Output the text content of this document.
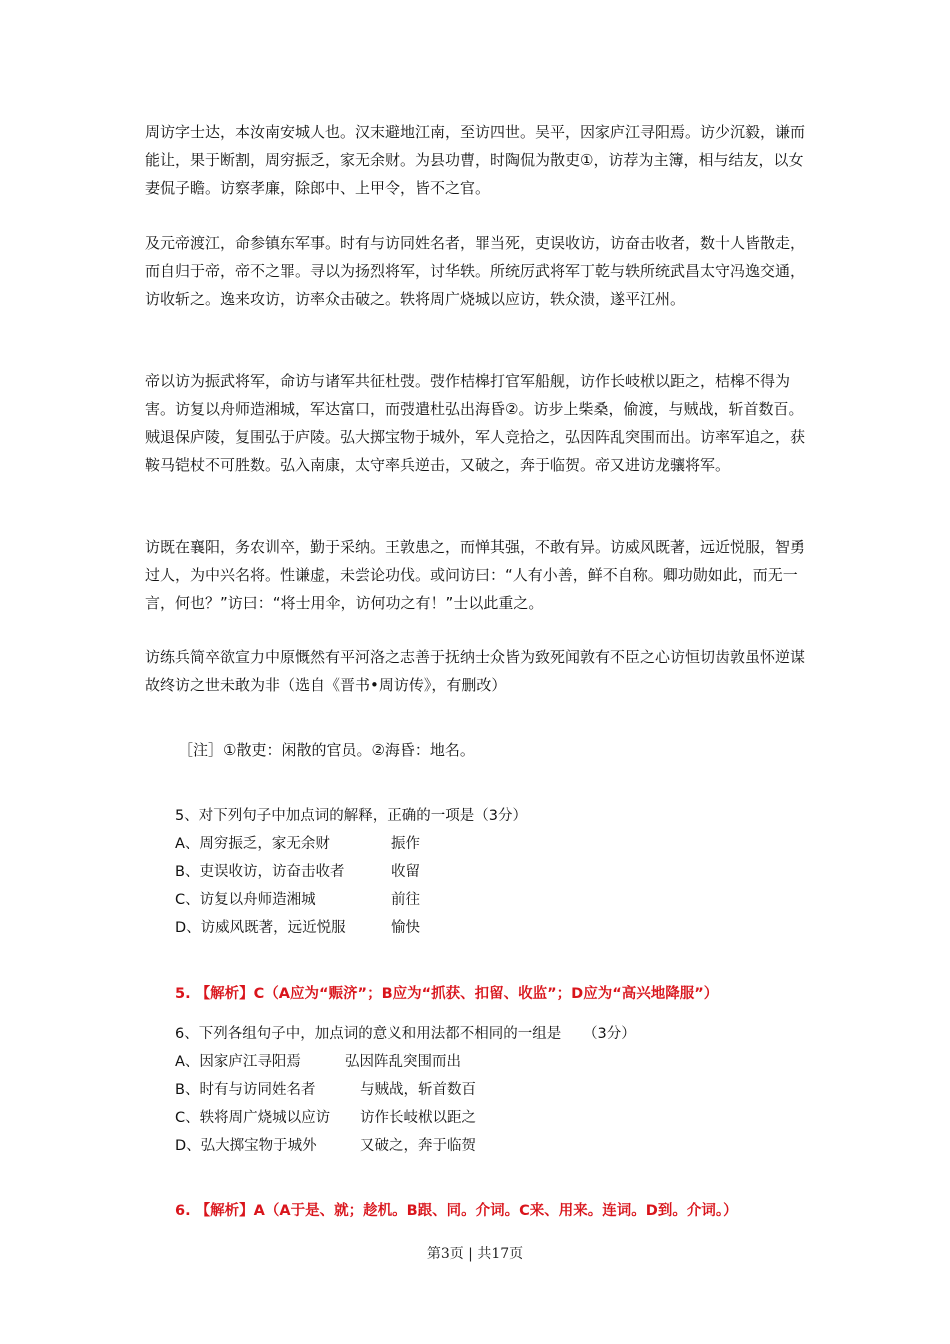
周访字士达，本汝南安城人也。汉末避地江南，至访四世。吴平，因家庐江寻阳焉。访少沉毅，谦而能让，果于断割，周穷振乏，家无余财。为县功曹，时陶侃为散吏①，访荐为主簿，相与结友，以女妻侃子瞻。访察孝廉，除郎中、上甲令，皆不之官。

及元帝渡江，命参镇东军事。时有与访同姓名者，罪当死，吏误收访，访奋击收者，数十人皆散走，而自归于帝，帝不之罪。寻以为扬烈将军，讨华轶。所统厉武将军丁乾与轶所统武昌太守冯逸交通，访收斩之。逸来攻访，访率众击破之。轶将周广烧城以应访，轶众溃，遂平江州。

帝以访为振武将军，命访与诸军共征杜弢。弢作桔槔打官军船舰，访作长岐栿以距之，桔槔不得为害。访复以舟师造湘城，军达富口，而弢遣杜弘出海昏②。访步上柴桑，偷渡，与贼战，斩首数百。贼退保庐陵，复围弘于庐陵。弘大掷宝物于城外，军人竞拾之，弘因阵乱突围而出。访率军追之，获鞍马铠杖不可胜数。弘入南康，太守率兵逆击，又破之，奔于临贺。帝又进访龙骧将军。

访既在襄阳，务农训卒，勤于采纳。王敦患之，而惮其强，不敢有异。访威风既著，远近悦服，智勇过人，为中兴名将。性谦虚，未尝论功伐。或问访曰：“人有小善，鲜不自称。卿功勋如此，而无一言，何也？”访曰：“将士用伞，访何功之有！”士以此重之。

访练兵简卒欲宣力中原慨然有平河洛之志善于抚纳士众皆为致死闻敦有不臣之心访恒切齿敦虽怀逆谋故终访之世未敢为非（选自《晋书•周访传》，有删改）

［注］①散吏：闲散的官员。②海昏：地名。
5、对下列句子中加点词的解释，正确的一项是（3分）
A、周穷振乏，家无余财	振作
B、吏误收访，访奋击收者	收留
C、访复以舟师造湘城	前往
D、访威风既著，远近悦服	愉快
5. 【解析】C（A应为“赈济”；B应为“抓获、扣留、收监”；D应为“高兴地降服”）
6、下列各组句子中，加点词的意义和用法都不相同的一组是　　（3分）
A、因家庐江寻阳焉	弘因阵乱突围而出
B、时有与访同姓名者	与贼战，斩首数百
C、轶将周广烧城以应访 访作长岐栿以距之
D、弘大掷宝物于城外	又破之，奔于临贺
6. 【解析】A（A于是、就；趁机。B跟、同。介词。C来、用来。连词。D到。介词。）
第3页 | 共17页
